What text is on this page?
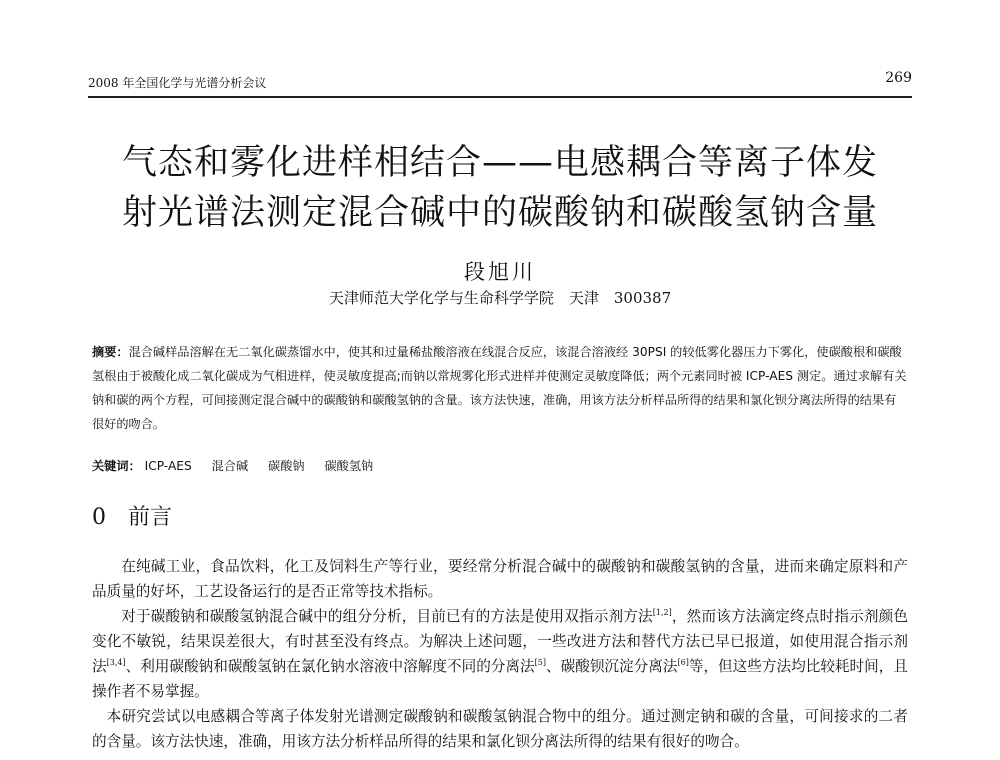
2008 年全国化学与光谱分析会议	269
气态和雾化进样相结合——电感耦合等离子体发
射光谱法测定混合碱中的碳酸钠和碳酸氢钠含量
段旭川
天津师范大学化学与生命科学学院　天津　300387
摘要：混合碱样品溶解在无二氧化碳蒸馏水中，使其和过量稀盐酸溶液在线混合反应，该混合溶液经 30PSI 的较低雾化器压力下雾化，使碳酸根和碳酸氢根由于被酸化成二氧化碳成为气相进样，使灵敏度提高;而钠以常规雾化形式进样并使测定灵敏度降低；两个元素同时被 ICP-AES 测定。通过求解有关钠和碳的两个方程，可间接测定混合碱中的碳酸钠和碳酸氢钠的含量。该方法快速，准确，用该方法分析样品所得的结果和氯化钡分离法所得的结果有很好的吻合。
关键词： ICP-AES 混合碱 碳酸钠 碳酸氢钠
0 前言

在纯碱工业，食品饮料，化工及饲料生产等行业，要经常分析混合碱中的碳酸钠和碳酸氢钠的含量，进而来确定原料和产品质量的好坏，工艺设备运行的是否正常等技术指标。

对于碳酸钠和碳酸氢钠混合碱中的组分分析，目前已有的方法是使用双指示剂方法[1,2]，然而该方法滴定终点时指示剂颜色变化不敏锐，结果误差很大，有时甚至没有终点。为解决上述问题，一些改进方法和替代方法已早已报道，如使用混合指示剂法[3,4]、利用碳酸钠和碳酸氢钠在氯化钠水溶液中溶解度不同的分离法[5]、碳酸钡沉淀分离法[6]等，但这些方法均比较耗时间，且操作者不易掌握。

本研究尝试以电感耦合等离子体发射光谱测定碳酸钠和碳酸氢钠混合物中的组分。通过测定钠和碳的含量，可间接求的二者的含量。该方法快速，准确，用该方法分析样品所得的结果和氯化钡分离法所得的结果有很好的吻合。
